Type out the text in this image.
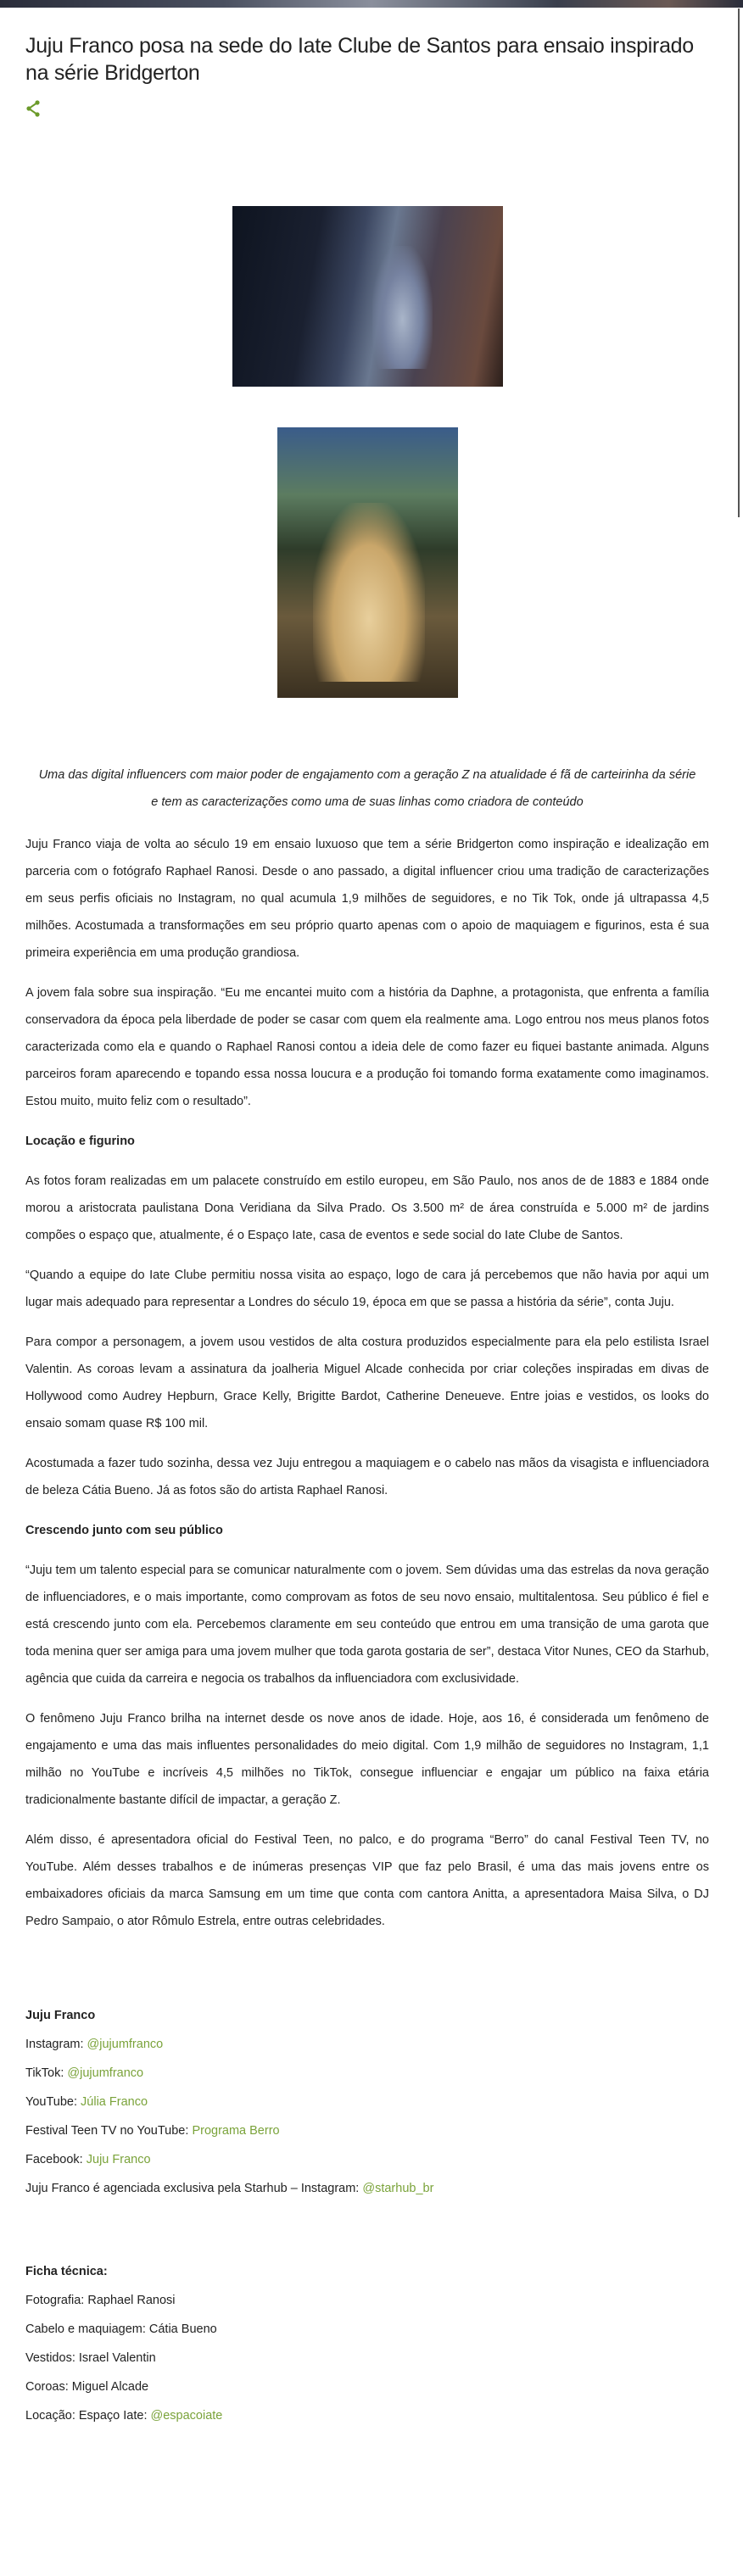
Juju Franco posa na sede do Iate Clube de Santos para ensaio inspirado na série Bridgerton

Uma das digital influencers com maior poder de engajamento com a geração Z na atualidade é fã de carteirinha da série e tem as caracterizações como uma de suas linhas como criadora de conteúdo

Juju Franco viaja de volta ao século 19 em ensaio luxuoso que tem a série Bridgerton como inspiração e idealização em parceria com o fotógrafo Raphael Ranosi. Desde o ano passado, a digital influencer criou uma tradição de caracterizações em seus perfis oficiais no Instagram, no qual acumula 1,9 milhões de seguidores, e no Tik Tok, onde já ultrapassa 4,5 milhões. Acostumada a transformações em seu próprio quarto apenas com o apoio de maquiagem e figurinos, esta é sua primeira experiência em uma produção grandiosa.

A jovem fala sobre sua inspiração. “Eu me encantei muito com a história da Daphne, a protagonista, que enfrenta a família conservadora da época pela liberdade de poder se casar com quem ela realmente ama. Logo entrou nos meus planos fotos caracterizada como ela e quando o Raphael Ranosi contou a ideia dele de como fazer eu fiquei bastante animada. Alguns parceiros foram aparecendo e topando essa nossa loucura e a produção foi tomando forma exatamente como imaginamos. Estou muito, muito feliz com o resultado”.

Locação e figurino

As fotos foram realizadas em um palacete construído em estilo europeu, em São Paulo, nos anos de de 1883 e 1884 onde morou a aristocrata paulistana Dona Veridiana da Silva Prado. Os 3.500 m² de área construída e 5.000 m² de jardins compões o espaço que, atualmente, é o Espaço Iate, casa de eventos e sede social do Iate Clube de Santos.

“Quando a equipe do Iate Clube permitiu nossa visita ao espaço, logo de cara já percebemos que não havia por aqui um lugar mais adequado para representar a Londres do século 19, época em que se passa a história da série”, conta Juju.

Para compor a personagem, a jovem usou vestidos de alta costura produzidos especialmente para ela pelo estilista Israel Valentin. As coroas levam a assinatura da joalheria Miguel Alcade conhecida por criar coleções inspiradas em divas de Hollywood como Audrey Hepburn, Grace Kelly, Brigitte Bardot, Catherine Deneueve. Entre joias e vestidos, os looks do ensaio somam quase R$ 100 mil.

Acostumada a fazer tudo sozinha, dessa vez Juju entregou a maquiagem e o cabelo nas mãos da visagista e influenciadora de beleza Cátia Bueno. Já as fotos são do artista Raphael Ranosi.

Crescendo junto com seu público

“Juju tem um talento especial para se comunicar naturalmente com o jovem. Sem dúvidas uma das estrelas da nova geração de influenciadores, e o mais importante, como comprovam as fotos de seu novo ensaio, multitalentosa. Seu público é fiel e está crescendo junto com ela. Percebemos claramente em seu conteúdo que entrou em uma transição de uma garota que toda menina quer ser amiga para uma jovem mulher que toda garota gostaria de ser”, destaca Vitor Nunes, CEO da Starhub, agência que cuida da carreira e negocia os trabalhos da influenciadora com exclusividade.

O fenômeno Juju Franco brilha na internet desde os nove anos de idade. Hoje, aos 16, é considerada um fenômeno de engajamento e uma das mais influentes personalidades do meio digital. Com 1,9 milhão de seguidores no Instagram, 1,1 milhão no YouTube e incríveis 4,5 milhões no TikTok, consegue influenciar e engajar um público na faixa etária tradicionalmente bastante difícil de impactar, a geração Z.

Além disso, é apresentadora oficial do Festival Teen, no palco, e do programa “Berro” do canal Festival Teen TV, no YouTube. Além desses trabalhos e de inúmeras presenças VIP que faz pelo Brasil, é uma das mais jovens entre os embaixadores oficiais da marca Samsung em um time que conta com cantora Anitta, a apresentadora Maisa Silva, o DJ Pedro Sampaio, o ator Rômulo Estrela, entre outras celebridades.

Juju Franco

Instagram: @jujumfranco

TikTok: @jujumfranco

YouTube: Júlia Franco

Festival Teen TV no YouTube: Programa Berro

Facebook: Juju Franco

Juju Franco é agenciada exclusiva pela Starhub – Instagram: @starhub_br

Ficha técnica:

Fotografia: Raphael Ranosi

Cabelo e maquiagem: Cátia Bueno

Vestidos: Israel Valentin

Coroas: Miguel Alcade

Locação: Espaço Iate: @espacoiate
